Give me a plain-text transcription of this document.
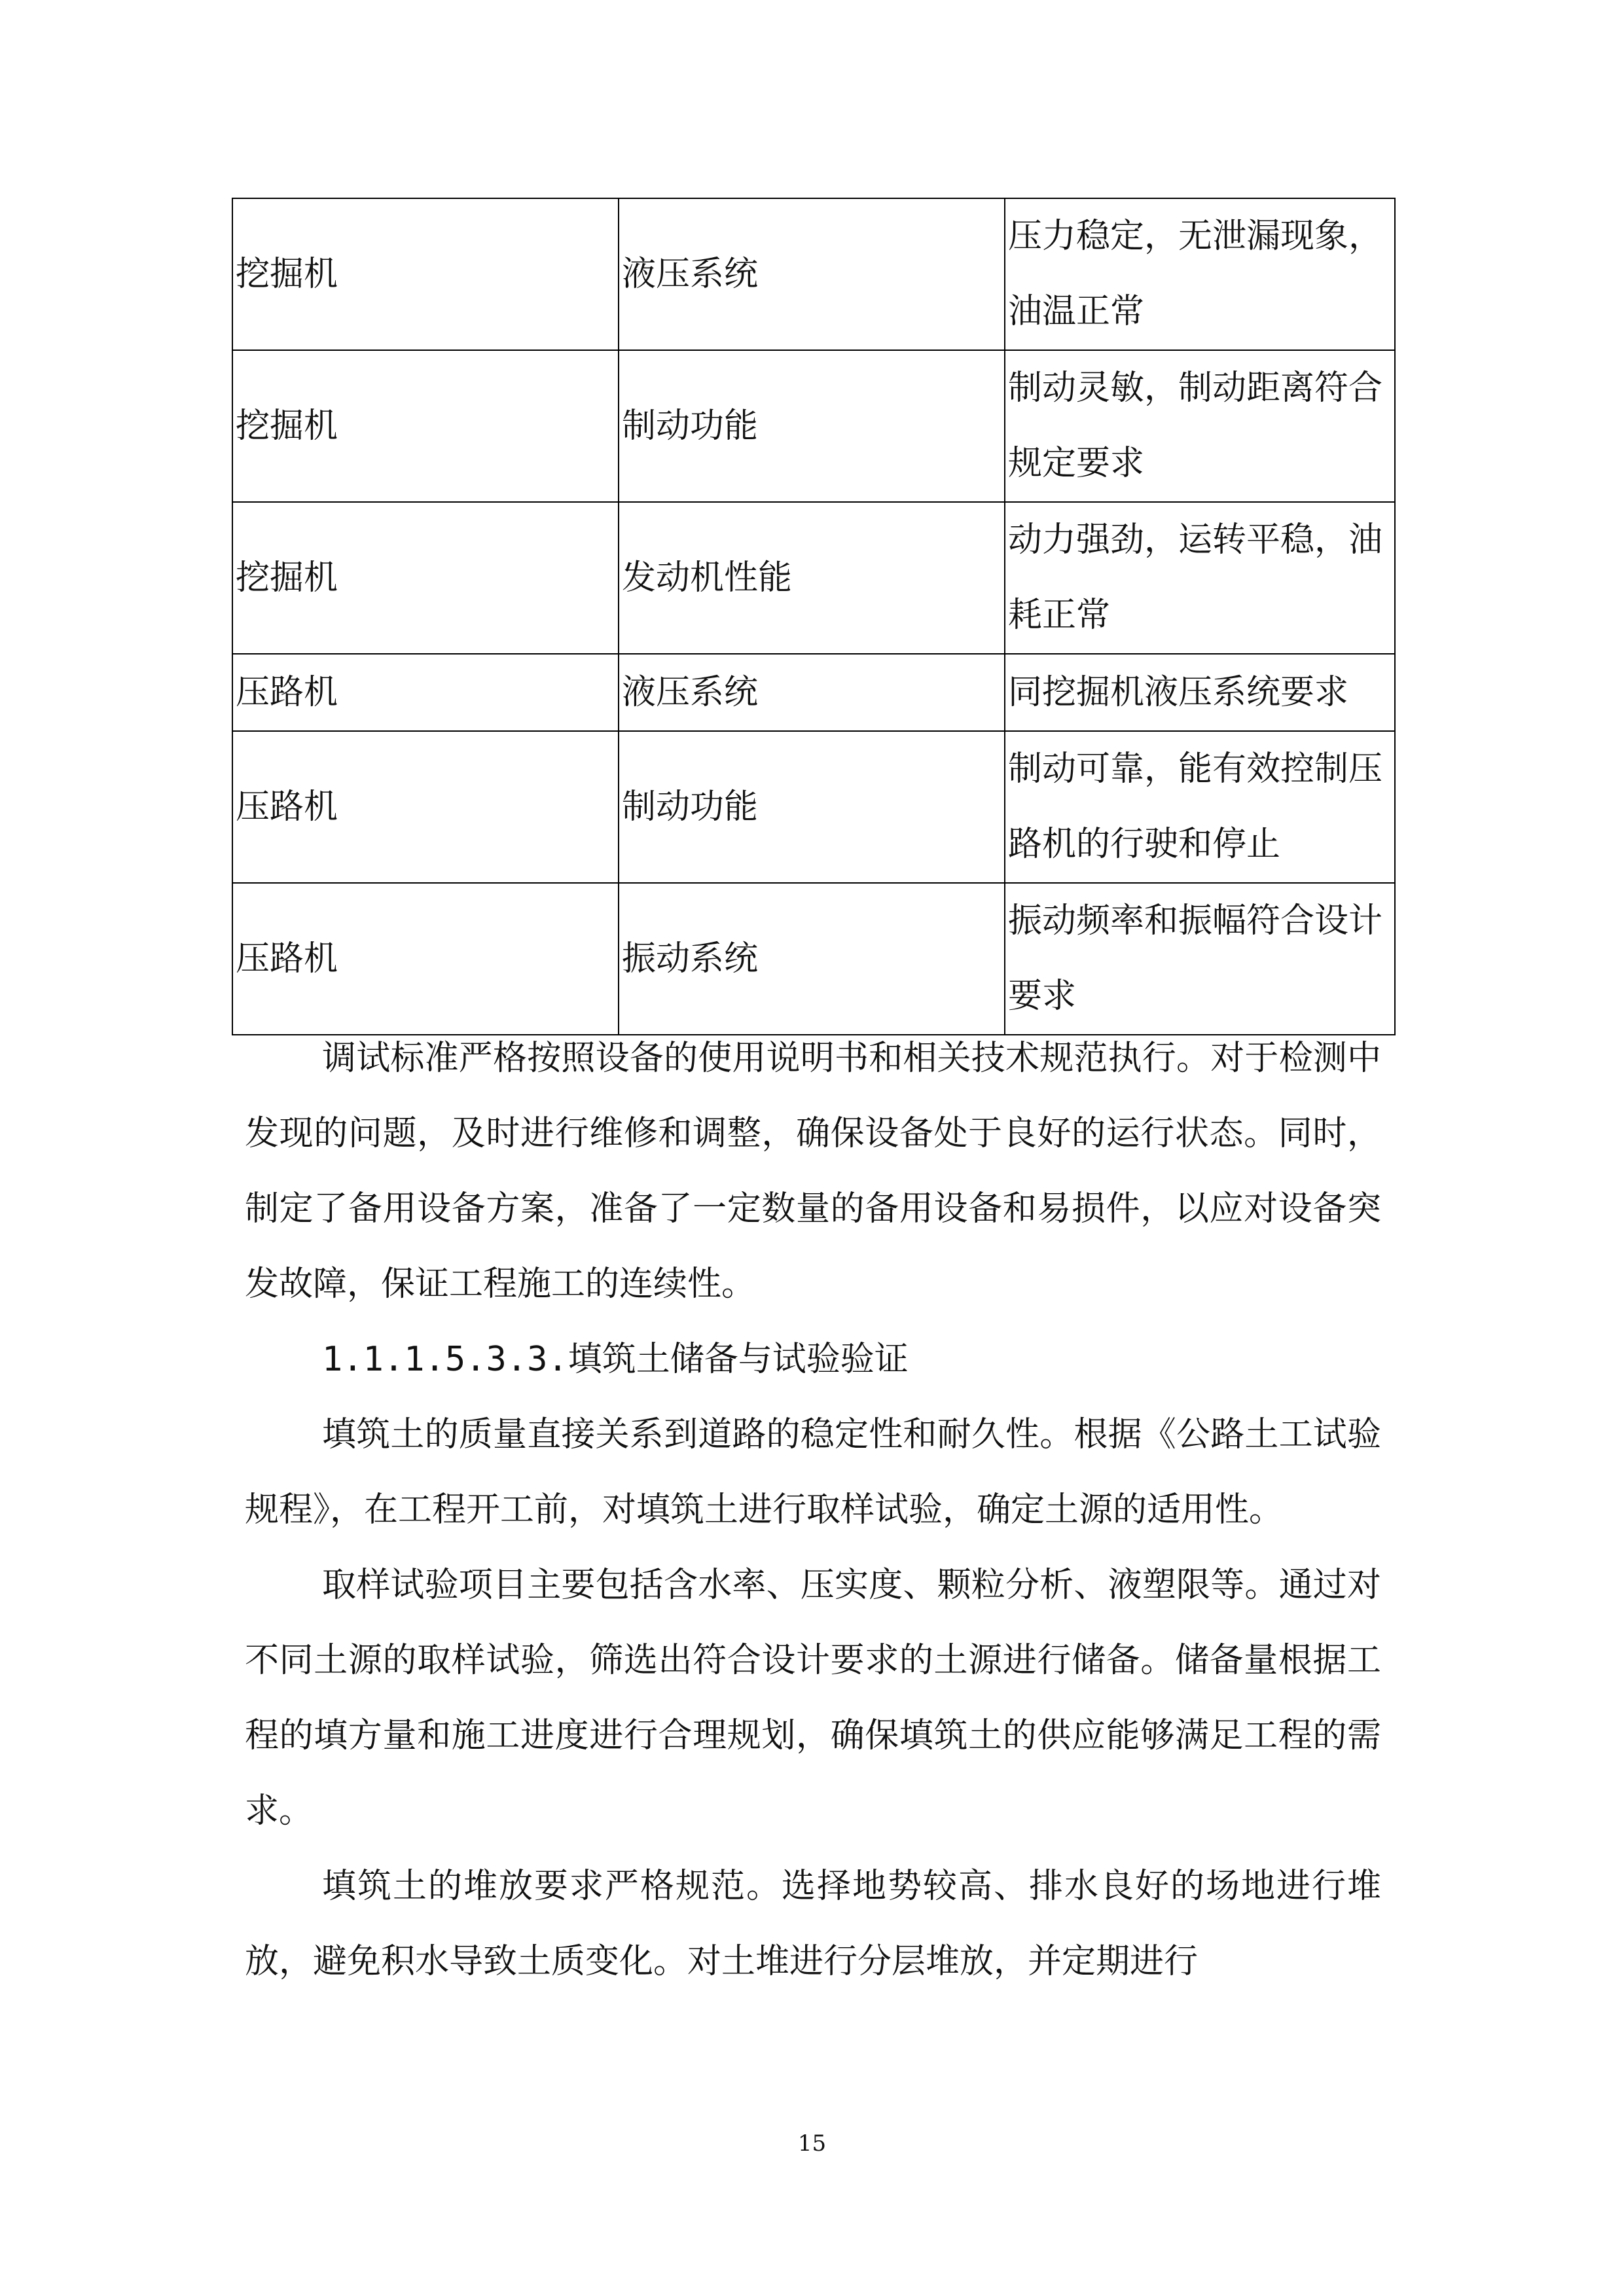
挖掘机	液压系统	压力稳定，无泄漏现象，油温正常
挖掘机	制动功能	制动灵敏，制动距离符合规定要求
挖掘机	发动机性能	动力强劲，运转平稳，油耗正常
压路机	液压系统	同挖掘机液压系统要求
压路机	制动功能	制动可靠，能有效控制压路机的行驶和停止
压路机	振动系统	振动频率和振幅符合设计要求

调试标准严格按照设备的使用说明书和相关技术规范执行。对于检测中发现的问题，及时进行维修和调整，确保设备处于良好的运行状态。同时，制定了备用设备方案，准备了一定数量的备用设备和易损件，以应对设备突发故障，保证工程施工的连续性。

1.1.1.5.3.3.填筑土储备与试验验证

填筑土的质量直接关系到道路的稳定性和耐久性。根据《公路土工试验规程》，在工程开工前，对填筑土进行取样试验，确定土源的适用性。

取样试验项目主要包括含水率、压实度、颗粒分析、液塑限等。通过对不同土源的取样试验，筛选出符合设计要求的土源进行储备。储备量根据工程的填方量和施工进度进行合理规划，确保填筑土的供应能够满足工程的需求。

填筑土的堆放要求严格规范。选择地势较高、排水良好的场地进行堆放，避免积水导致土质变化。对土堆进行分层堆放，并定期进行

15
